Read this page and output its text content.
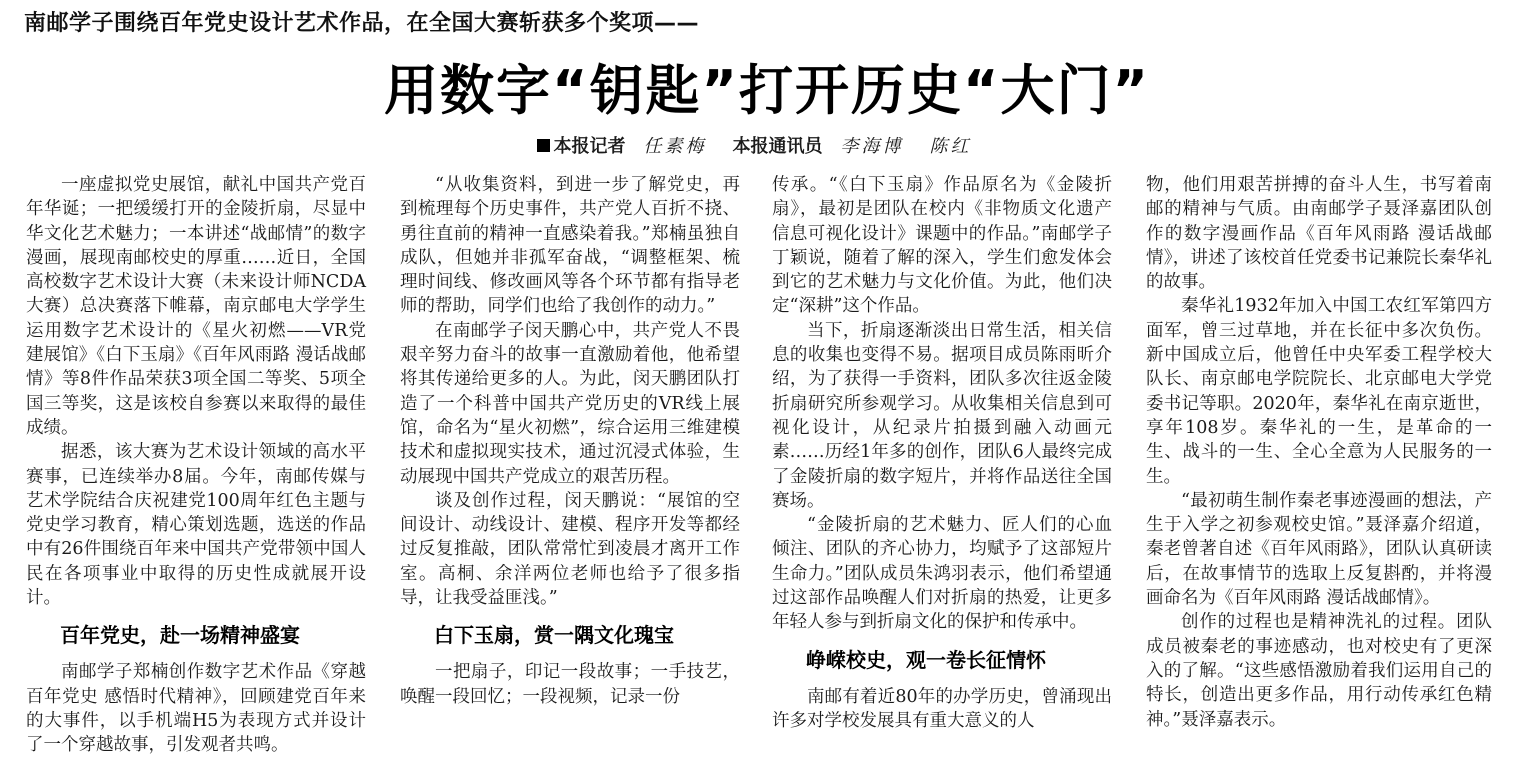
南邮学子围绕百年党史设计艺术作品，在全国大赛斩获多个奖项——
用数字“钥匙”打开历史“大门”
本报记者 任素梅 本报通讯员 李海博 陈红

一座虚拟党史展馆，献礼中国共产党百年华诞；一把缓缓打开的金陵折扇，尽显中华文化艺术魅力；一本讲述“战邮情”的数字漫画，展现南邮校史的厚重……近日，全国高校数字艺术设计大赛（未来设计师NCDA大赛）总决赛落下帷幕，南京邮电大学学生运用数字艺术设计的《星火初燃——VR党建展馆》《白下玉扇》《百年风雨路 漫话战邮情》等8件作品荣获3项全国二等奖、5项全国三等奖，这是该校自参赛以来取得的最佳成绩。

据悉，该大赛为艺术设计领域的高水平赛事，已连续举办8届。今年，南邮传媒与艺术学院结合庆祝建党100周年红色主题与党史学习教育，精心策划选题，选送的作品中有26件围绕百年来中国共产党带领中国人民在各项事业中取得的历史性成就展开设计。

百年党史，赴一场精神盛宴

南邮学子郑楠创作数字艺术作品《穿越百年党史 感悟时代精神》，回顾建党百年来的大事件，以手机端H5为表现方式并设计了一个穿越故事，引发观者共鸣。

“从收集资料，到进一步了解党史，再到梳理每个历史事件，共产党人百折不挠、勇往直前的精神一直感染着我。”郑楠虽独自成队，但她并非孤军奋战，“调整框架、梳理时间线、修改画风等各个环节都有指导老师的帮助，同学们也给了我创作的动力。”

在南邮学子闵天鹏心中，共产党人不畏艰辛努力奋斗的故事一直激励着他，他希望将其传递给更多的人。为此，闵天鹏团队打造了一个科普中国共产党历史的VR线上展馆，命名为“星火初燃”，综合运用三维建模技术和虚拟现实技术，通过沉浸式体验，生动展现中国共产党成立的艰苦历程。

谈及创作过程，闵天鹏说：“展馆的空间设计、动线设计、建模、程序开发等都经过反复推敲，团队常常忙到凌晨才离开工作室。高桐、余洋两位老师也给予了很多指导，让我受益匪浅。”

白下玉扇，赏一隅文化瑰宝

一把扇子，印记一段故事；一手技艺，唤醒一段回忆；一段视频，记录一份

传承。“《白下玉扇》作品原名为《金陵折扇》，最初是团队在校内《非物质文化遗产信息可视化设计》课题中的作品。”南邮学子丁颖说，随着了解的深入，学生们愈发体会到它的艺术魅力与文化价值。为此，他们决定“深耕”这个作品。

当下，折扇逐渐淡出日常生活，相关信息的收集也变得不易。据项目成员陈雨昕介绍，为了获得一手资料，团队多次往返金陵折扇研究所参观学习。从收集相关信息到可视化设计，从纪录片拍摄到融入动画元素……历经1年多的创作，团队6人最终完成了金陵折扇的数字短片，并将作品送往全国赛场。

“金陵折扇的艺术魅力、匠人们的心血倾注、团队的齐心协力，均赋予了这部短片生命力。”团队成员朱鸿羽表示，他们希望通过这部作品唤醒人们对折扇的热爱，让更多年轻人参与到折扇文化的保护和传承中。

峥嵘校史，观一卷长征情怀

南邮有着近80年的办学历史，曾涌现出许多对学校发展具有重大意义的人

物，他们用艰苦拼搏的奋斗人生，书写着南邮的精神与气质。由南邮学子聂泽嘉团队创作的数字漫画作品《百年风雨路 漫话战邮情》，讲述了该校首任党委书记兼院长秦华礼的故事。

秦华礼1932年加入中国工农红军第四方面军，曾三过草地，并在长征中多次负伤。新中国成立后，他曾任中央军委工程学校大队长、南京邮电学院院长、北京邮电大学党委书记等职。2020年，秦华礼在南京逝世，享年108岁。秦华礼的一生，是革命的一生、战斗的一生、全心全意为人民服务的一生。

“最初萌生制作秦老事迹漫画的想法，产生于入学之初参观校史馆。”聂泽嘉介绍道，秦老曾著自述《百年风雨路》，团队认真研读后，在故事情节的选取上反复斟酌，并将漫画命名为《百年风雨路 漫话战邮情》。

创作的过程也是精神洗礼的过程。团队成员被秦老的事迹感动，也对校史有了更深入的了解。“这些感悟激励着我们运用自己的特长，创造出更多作品，用行动传承红色精神。”聂泽嘉表示。
